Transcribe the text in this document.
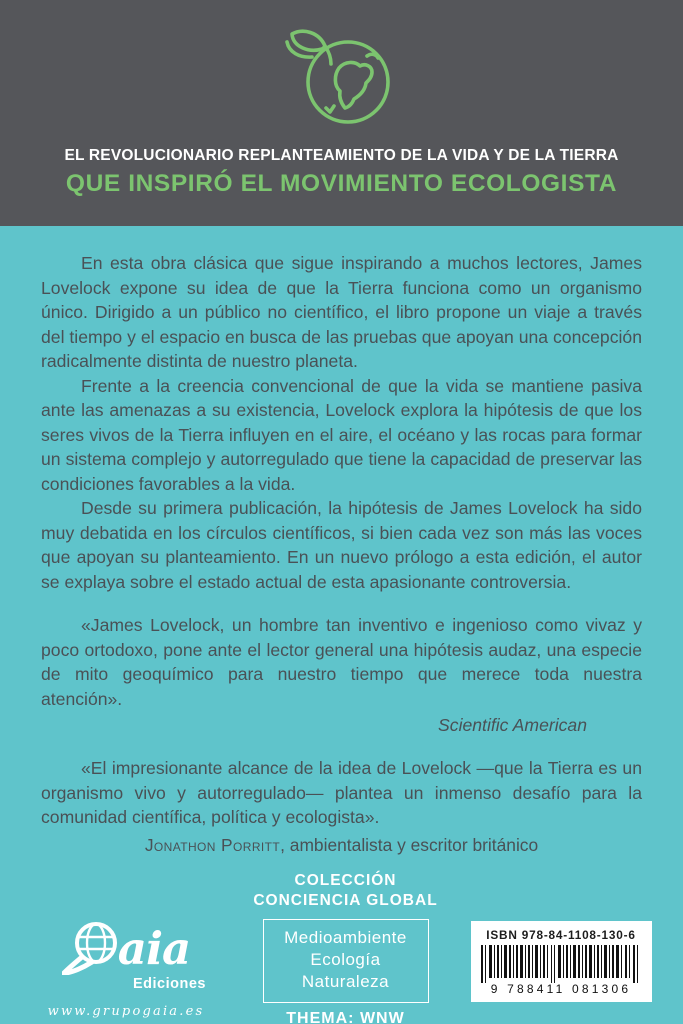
EL REVOLUCIONARIO REPLANTEAMIENTO DE LA VIDA Y DE LA TIERRA
QUE INSPIRÓ EL MOVIMIENTO ECOLOGISTA

En esta obra clásica que sigue inspirando a muchos lectores, James Lovelock expone su idea de que la Tierra funciona como un organismo único. Dirigido a un público no científico, el libro propone un viaje a través del tiempo y el espacio en busca de las pruebas que apoyan una concepción radicalmente distinta de nuestro planeta.

Frente a la creencia convencional de que la vida se mantiene pasiva ante las amenazas a su existencia, Lovelock explora la hipótesis de que los seres vivos de la Tierra influyen en el aire, el océano y las rocas para formar un sistema complejo y autorregulado que tiene la capacidad de preservar las condiciones favorables a la vida.

Desde su primera publicación, la hipótesis de James Lovelock ha sido muy debatida en los círculos científicos, si bien cada vez son más las voces que apoyan su planteamiento. En un nuevo prólogo a esta edición, el autor se explaya sobre el estado actual de esta apasionante controversia.

«James Lovelock, un hombre tan inventivo e ingenioso como vivaz y poco ortodoxo, pone ante el lector general una hipótesis audaz, una especie de mito geoquímico para nuestro tiempo que merece toda nuestra atención».

Scientific American

«El impresionante alcance de la idea de Lovelock —que la Tierra es un organismo vivo y autorregulado— plantea un inmenso desafío para la comunidad científica, política y ecologista».

Jonathon Porritt, ambientalista y escritor británico
aia
Ediciones
www.grupogaia.es
COLECCIÓN
CONCIENCIA GLOBAL
Medioambiente
Ecología
Naturaleza
THEMA: WNW
ISBN 978-84-1108-130-6
9 788411 081306
